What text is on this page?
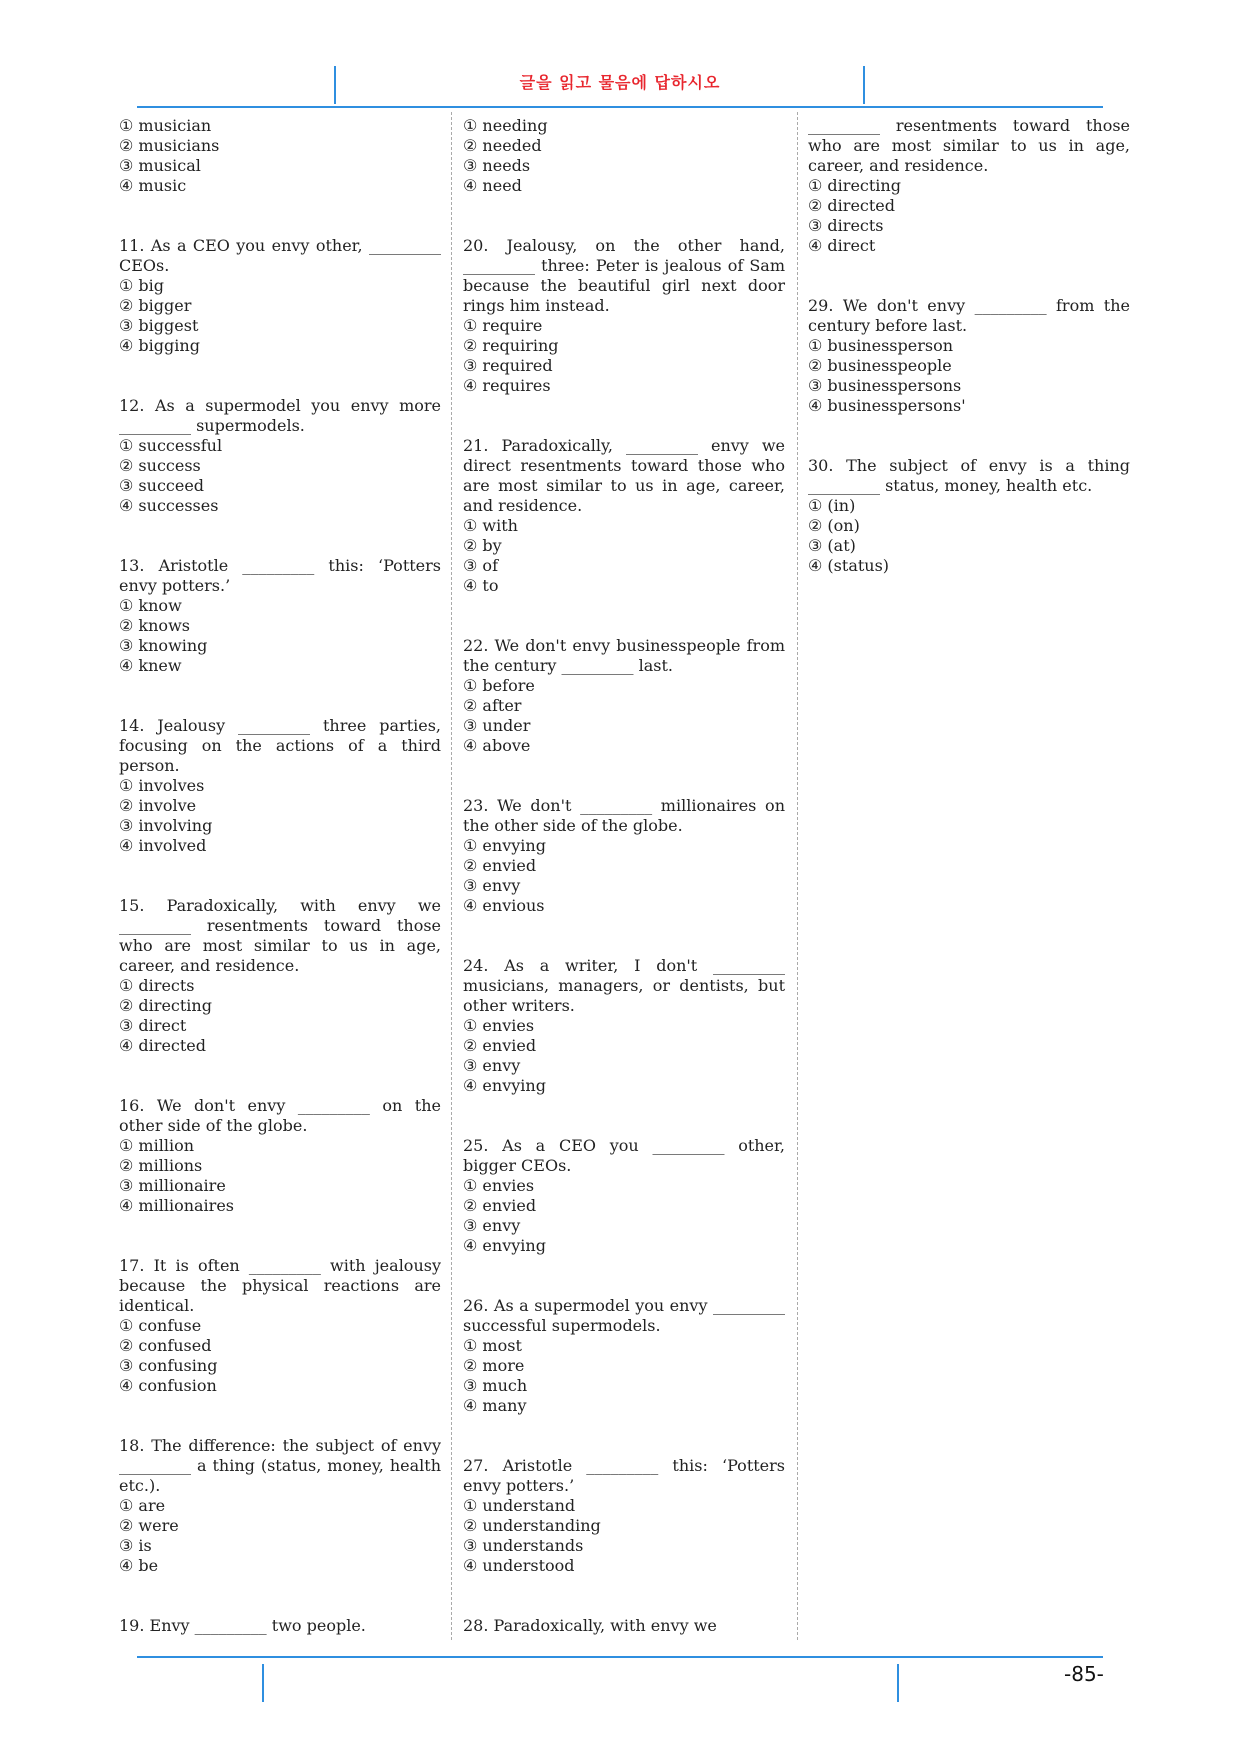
글을 읽고 물음에 답하시오
① musician
② musicians
③ musical
④ music
11. As a CEO you envy other, _________ CEOs.
① big
② bigger
③ biggest
④ bigging
12. As a supermodel you envy more _________ supermodels.
① successful
② success
③ succeed
④ successes
13. Aristotle _________ this: ‘Potters envy potters.’
① know
② knows
③ knowing
④ knew
14. Jealousy _________ three parties, focusing on the actions of a third person.
① involves
② involve
③ involving
④ involved
15. Paradoxically, with envy we _________ resentments toward those who are most similar to us in age, career, and residence.
① directs
② directing
③ direct
④ directed
16. We don't envy _________ on the other side of the globe.
① million
② millions
③ millionaire
④ millionaires
17. It is often _________ with jealousy because the physical reactions are identical.
① confuse
② confused
③ confusing
④ confusion
18. The difference: the subject of envy _________ a thing (status, money, health etc.).
① are
② were
③ is
④ be
19. Envy _________ two people.
① needing
② needed
③ needs
④ need
20. Jealousy, on the other hand, _________ three: Peter is jealous of Sam because the beautiful girl next door rings him instead.
① require
② requiring
③ required
④ requires
21. Paradoxically, _________ envy we direct resentments toward those who are most similar to us in age, career, and residence.
① with
② by
③ of
④ to
22. We don't envy businesspeople from the century _________ last.
① before
② after
③ under
④ above
23. We don't _________ millionaires on the other side of the globe.
① envying
② envied
③ envy
④ envious
24. As a writer, I don't _________ musicians, managers, or dentists, but other writers.
① envies
② envied
③ envy
④ envying
25. As a CEO you _________ other, bigger CEOs.
① envies
② envied
③ envy
④ envying
26. As a supermodel you envy _________ successful supermodels.
① most
② more
③ much
④ many
27. Aristotle _________ this: ‘Potters envy potters.’
① understand
② understanding
③ understands
④ understood
28. Paradoxically, with envy we
_________ resentments toward those who are most similar to us in age, career, and residence.
① directing
② directed
③ directs
④ direct
29. We don't envy _________ from the century before last.
① businessperson
② businesspeople
③ businesspersons
④ businesspersons'
30. The subject of envy is a thing _________ status, money, health etc.
① (in)
② (on)
③ (at)
④ (status)
-85-
